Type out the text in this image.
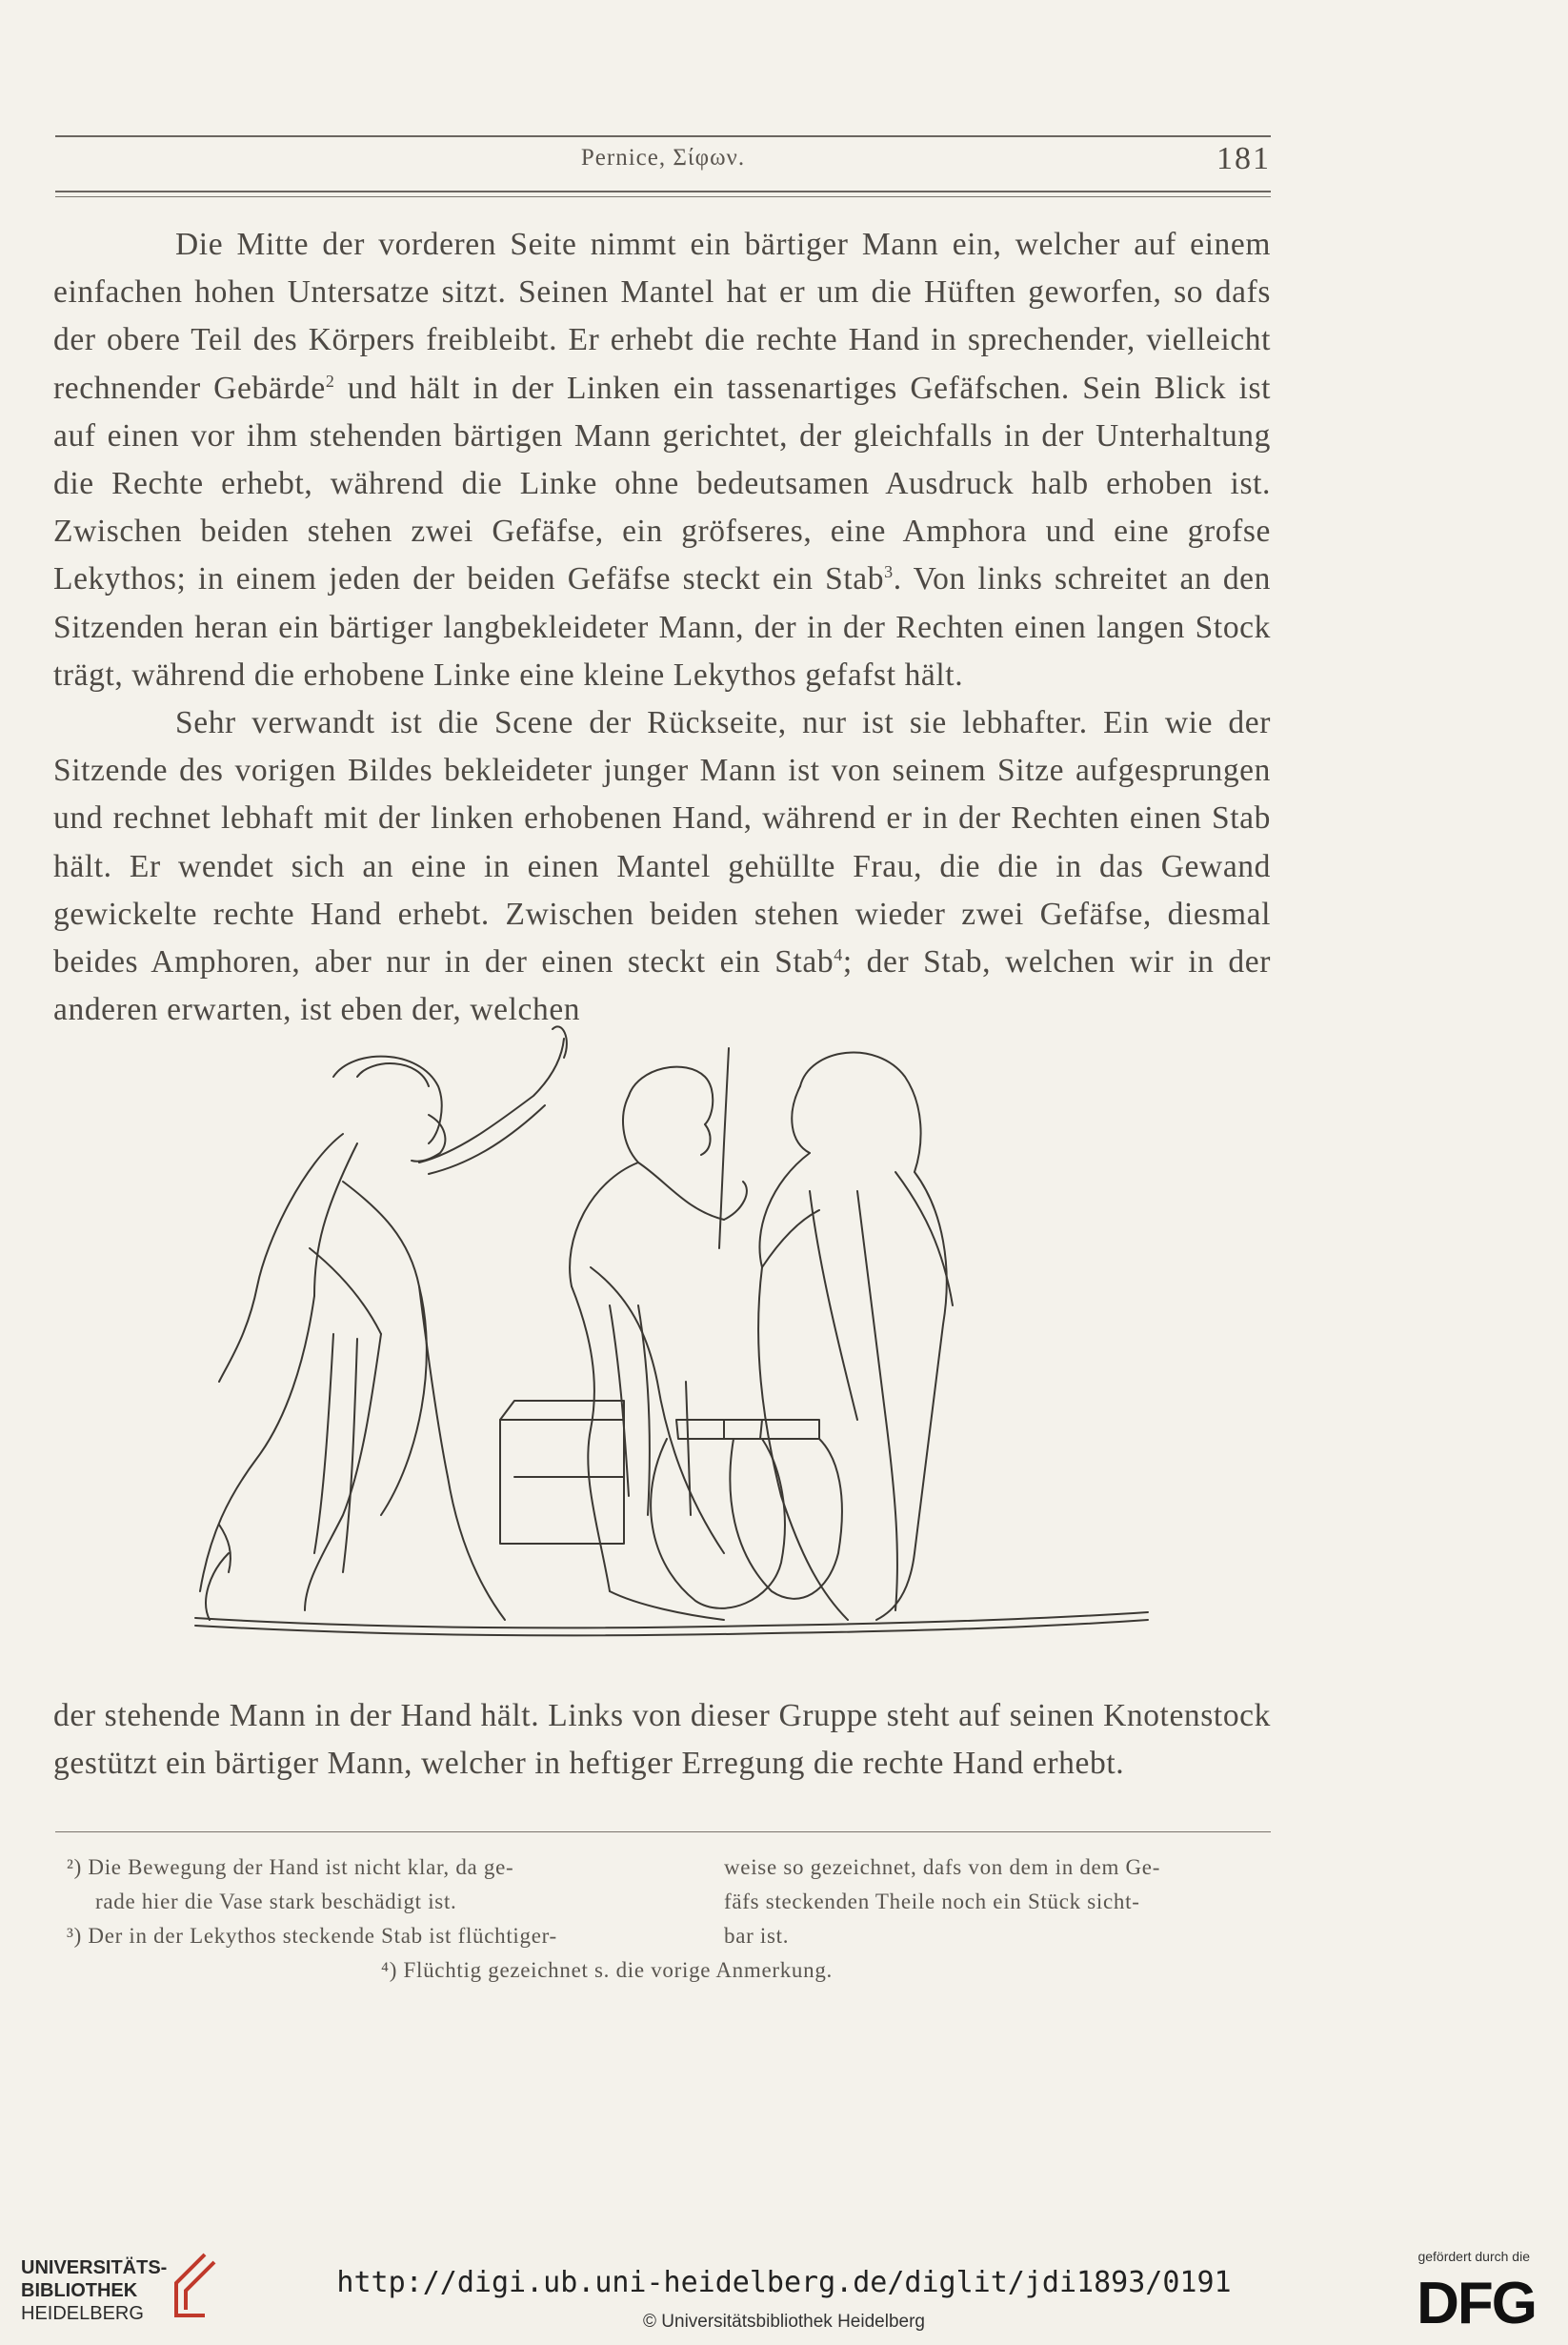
Pernice, Σίφων.	181

Die Mitte der vorderen Seite nimmt ein bärtiger Mann ein, welcher auf einem einfachen hohen Untersatze sitzt. Seinen Mantel hat er um die Hüften geworfen, so dafs der obere Teil des Körpers freibleibt. Er erhebt die rechte Hand in sprechender, vielleicht rechnender Gebärde$^2$ und hält in der Linken ein tassenartiges Gefäfschen. Sein Blick ist auf einen vor ihm stehenden bärtigen Mann gerichtet, der gleichfalls in der Unterhaltung die Rechte erhebt, während die Linke ohne bedeutsamen Ausdruck halb erhoben ist. Zwischen beiden stehen zwei Gefäfse, ein gröfseres, eine Amphora und eine grofse Lekythos; in einem jeden der beiden Gefäfse steckt ein Stab$^3$. Von links schreitet an den Sitzenden heran ein bärtiger langbekleideter Mann, der in der Rechten einen langen Stock trägt, während die erhobene Linke eine kleine Lekythos gefafst hält.

Sehr verwandt ist die Scene der Rückseite, nur ist sie lebhafter. Ein wie der Sitzende des vorigen Bildes bekleideter junger Mann ist von seinem Sitze aufgesprungen und rechnet lebhaft mit der linken erhobenen Hand, während er in der Rechten einen Stab hält. Er wendet sich an eine in einen Mantel gehüllte Frau, die die in das Gewand gewickelte rechte Hand erhebt. Zwischen beiden stehen wieder zwei Gefäfse, diesmal beides Amphoren, aber nur in der einen steckt ein Stab$^4$; der Stab, welchen wir in der anderen erwarten, ist eben der, welchen

der stehende Mann in der Hand hält. Links von dieser Gruppe steht auf seinen Knotenstock gestützt ein bärtiger Mann, welcher in heftiger Erregung die rechte Hand erhebt.

²) Die Bewegung der Hand ist nicht klar, da ge-
rade hier die Vase stark beschädigt ist.
³) Der in der Lekythos steckende Stab ist flüchtiger-
weise so gezeichnet, dafs von dem in dem Ge-
fäfs steckenden Theile noch ein Stück sicht-
bar ist.
⁴) Flüchtig gezeichnet s. die vorige Anmerkung.
UNIVERSITÄTS-
BIBLIOTHEK
HEIDELBERG
http://digi.ub.uni-heidelberg.de/diglit/jdi1893/0191
© Universitätsbibliothek Heidelberg
gefördert durch die
DFG
